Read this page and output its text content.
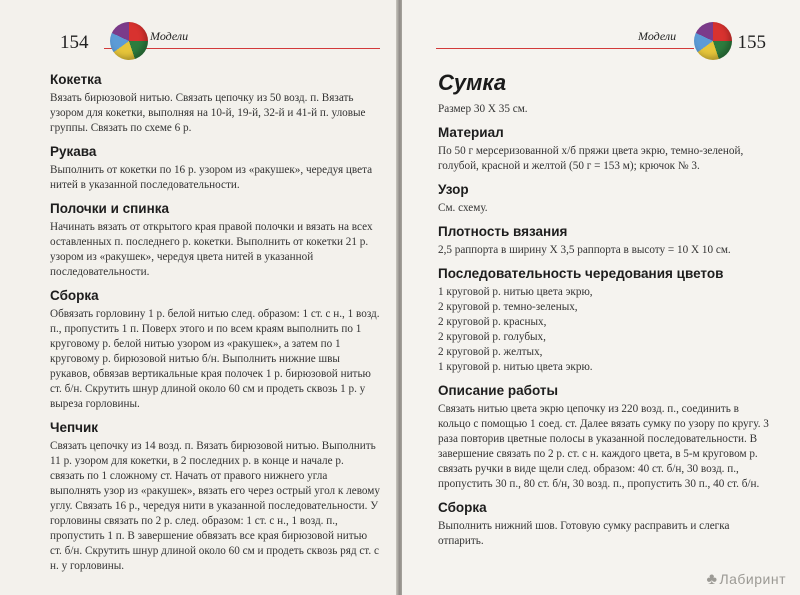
154	Модели
Кокетка

Вязать бирюзовой нитью. Связать цепочку из 50 возд. п. Вязать узором для кокетки, выполняя на 10-й, 19-й, 32-й и 41-й п. уловые группы. Связать по схеме 6 р.

Рукава

Выполнить от кокетки по 16 р. узором из «ракушек», чередуя цвета нитей в указанной последовательности.

Полочки и спинка

Начинать вязать от открытого края правой полочки и вязать на всех оставленных п. последнего р. кокетки. Выполнить от кокетки 21 р. узором из «ракушек», чередуя цвета нитей в указанной последовательности.

Сборка

Обвязать горловину 1 р. белой нитью след. образом: 1 ст. с н., 1 возд. п., пропустить 1 п. Поверх этого и по всем краям выполнить по 1 круговому р. белой нитью узором из «ракушек», а затем по 1 круговому р. бирюзовой нитью б/н. Выполнить нижние швы рукавов, обвязав вертикальные края полочек 1 р. бирюзовой нитью ст. б/н. Скрутить шнур длиной около 60 см и продеть сквозь 1 р. у выреза горловины.

Чепчик

Связать цепочку из 14 возд. п. Вязать бирюзовой нитью. Выполнить 11 р. узором для кокетки, в 2 последних р. в конце и начале р. связать по 1 сложному ст. Начать от правого нижнего угла выполнять узор из «ракушек», вязать его через острый угол к левому углу. Связать 16 р., чередуя нити в указанной последовательности. У горловины связать по 2 р. след. образом: 1 ст. с н., 1 возд. п., пропустить 1 п. В завершение обвязать все края бирюзовой нитью ст. б/н. Скрутить шнур длиной около 60 см и продеть сквозь ряд ст. с н. у горловины.

Модели	155
Сумка

Размер 30 Х 35 см.

Материал

По 50 г мерсеризованной х/б пряжи цвета экрю, темно-зеленой, голубой, красной и желтой (50 г = 153 м); крючок № 3.

Узор

См. схему.

Плотность вязания

2,5 раппорта в ширину Х 3,5 раппорта в высоту = 10 Х 10 см.

Последовательность чередования цветов

1 круговой р. нитью цвета экрю,
2 круговой р. темно-зеленых,
2 круговой р. красных,
2 круговой р. голубых,
2 круговой р. желтых,
1 круговой р. нитью цвета экрю.

Описание работы

Связать нитью цвета экрю цепочку из 220 возд. п., соединить в кольцо с помощью 1 соед. ст. Далее вязать сумку по узору по кругу. 3 раза повторив цветные полосы в указанной последовательности. В завершение связать по 2 р. ст. с н. каждого цвета, в 5-м круговом р. связать ручки в виде щели след. образом: 40 ст. б/н, 30 возд. п., пропустить 30 п., 80 ст. б/н, 30 возд. п., пропустить 30 п., 40 ст. б/н.

Сборка

Выполнить нижний шов. Готовую сумку расправить и слегка отпарить.

♣ Лабиринт
